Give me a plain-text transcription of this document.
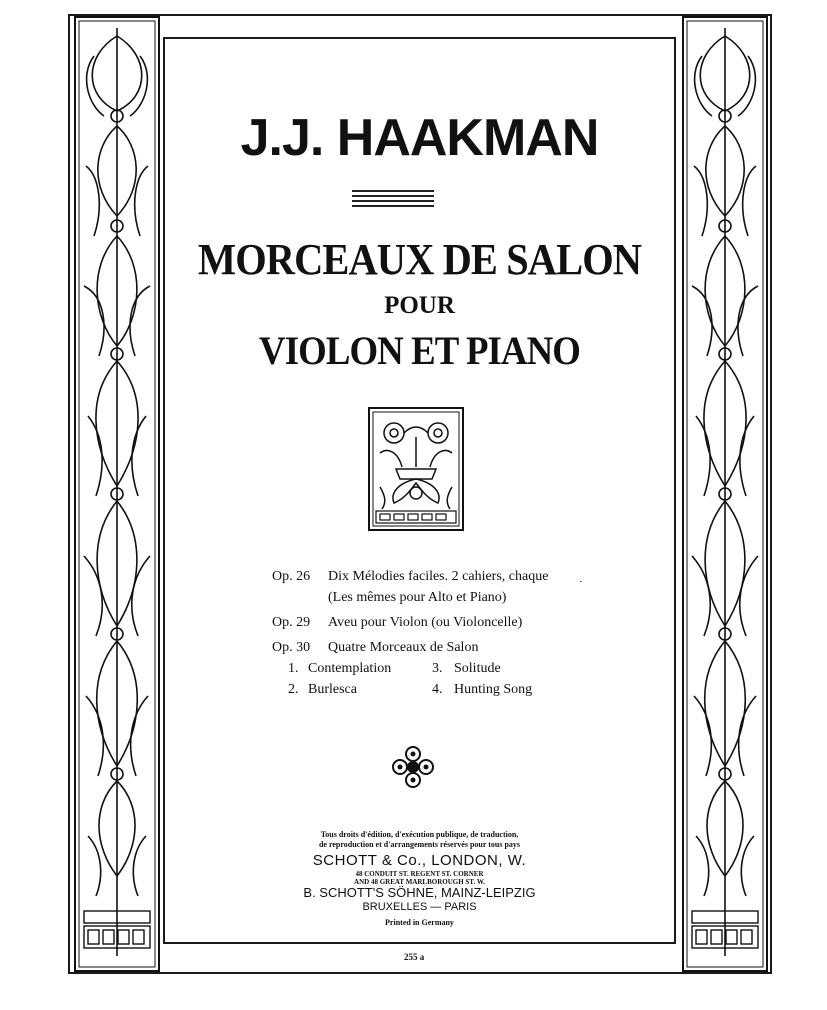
J.J. HAAKMAN
MORCEAUX DE SALON
POUR
VIOLON ET PIANO
Op. 26 Dix Mélodies faciles. 2 cahiers, chaque	·
(Les mêmes pour Alto et Piano)
Op. 29 Aveu pour Violon (ou Violoncelle)
Op. 30 Quatre Morceaux de Salon
1. Contemplation	3. Solitude
2. Burlesca	4. Hunting Song
Tous droits d'édition, d'exécution publique, de traduction,
de reproduction et d'arrangements réservés pour tous pays
SCHOTT & Co., LONDON, W.
48 CONDUIT ST. REGENT ST. CORNER
AND 48 GREAT MARLBOROUGH ST. W.
B. SCHOTT'S SÖHNE, MAINZ-LEIPZIG
BRUXELLES — PARIS
Printed in Germany
255 a
